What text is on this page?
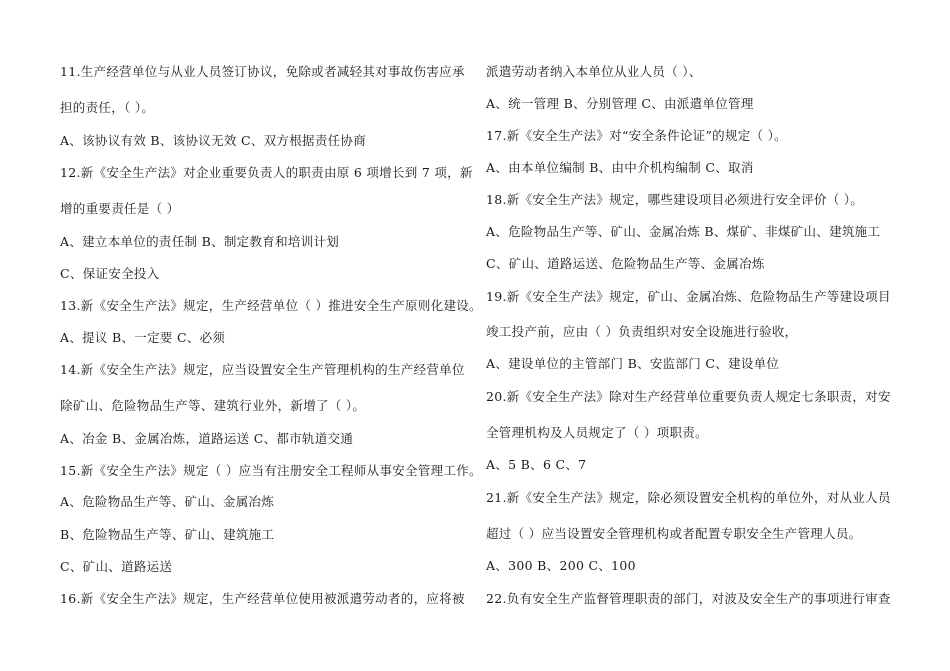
11.生产经营单位与从业人员签订协议，免除或者减轻其对事故伤害应承
担的责任，（ ）。
A、该协议有效 B、该协议无效 C、双方根据责任协商
12.新《安全生产法》对企业重要负责人的职责由原 6 项增长到 7 项，新
增的重要责任是（ ）
A、建立本单位的责任制 B、制定教育和培训计划
C、保证安全投入
13.新《安全生产法》规定，生产经营单位（ ）推进安全生产原则化建设。
A、提议 B、一定要 C、必须
14.新《安全生产法》规定，应当设置安全生产管理机构的生产经营单位
除矿山、危险物品生产等、建筑行业外，新增了（ ）。
A、冶金 B、金属冶炼，道路运送 C、都市轨道交通
15.新《安全生产法》规定（ ）应当有注册安全工程师从事安全管理工作。
A、危险物品生产等、矿山、金属冶炼
B、危险物品生产等、矿山、建筑施工
C、矿山、道路运送
16.新《安全生产法》规定，生产经营单位使用被派遣劳动者的，应将被
派遣劳动者纳入本单位从业人员（ ）、
A、统一管理 B、分别管理 C、由派遣单位管理
17.新《安全生产法》对“安全条件论证”的规定（ ）。
A、由本单位编制 B、由中介机构编制 C、取消
18.新《安全生产法》规定，哪些建设项目必须进行安全评价（ ）。
A、危险物品生产等、矿山、金属冶炼 B、煤矿、非煤矿山、建筑施工
C、矿山、道路运送、危险物品生产等、金属冶炼
19.新《安全生产法》规定，矿山、金属冶炼、危险物品生产等建设项目
竣工投产前，应由（ ）负责组织对安全设施进行验收，
A、建设单位的主管部门 B、安监部门 C、建设单位
20.新《安全生产法》除对生产经营单位重要负责人规定七条职责，对安
全管理机构及人员规定了（ ）项职责。
A、5 B、6 C、7
21.新《安全生产法》规定，除必须设置安全机构的单位外，对从业人员
超过（ ）应当设置安全管理机构或者配置专职安全生产管理人员。
A、300 B、200 C、100
22.负有安全生产监督管理职责的部门，对波及安全生产的事项进行审查
